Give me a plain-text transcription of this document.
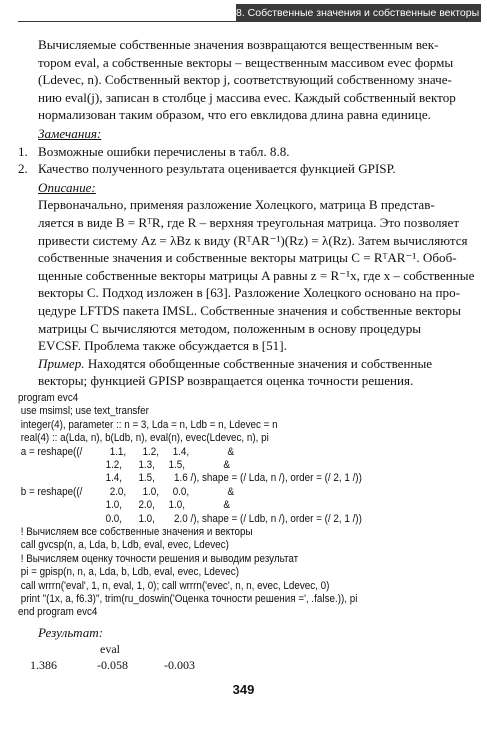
8. Собственные значения и собственные векторы

Вычисляемые собственные значения возвращаются вещественным век-
тором eval, а собственные векторы – вещественным массивом evec формы
(Ldevec, n). Собственный вектор j, соответствующий собственному значе-
нию eval(j), записан в столбце j массива evec. Каждый собственный вектор
нормализован таким образом, что его евклидова длина равна единице.

Замечания:
1. Возможные ошибки перечислены в табл. 8.8.
2. Качество полученного результата оценивается функцией GPISP.
Описание:

Первоначально, применяя разложение Холецкого, матрица B представ-
ляется в виде B = RᵀR, где R – верхняя треугольная матрица. Это позволяет
привести систему Az = λBz к виду (RᵀAR⁻¹)(Rz) = λ(Rz). Затем вычисляются
собственные значения и собственные векторы матрицы C = RᵀAR⁻¹. Обоб-
щенные собственные векторы матрицы A равны z = R⁻¹x, где x – собственные
векторы C. Подход изложен в [63]. Разложение Холецкого основано на про-
цедуре LFTDS пакета IMSL. Собственные значения и собственные векторы
матрицы C вычисляются методом, положенным в основу процедуры
EVCSF. Проблема также обсуждается в [51].

Пример. Находятся обобщенные собственные значения и собственные
векторы; функцией GPISP возвращается оценка точности решения.

program evc4
use msimsl; use text_transfer
integer(4), parameter :: n = 3, Lda = n, Ldb = n, Ldevec = n
real(4) :: a(Lda, n), b(Ldb, n), eval(n), evec(Ldevec, n), pi
a = reshape((/          1.1,      1.2,     1.4,              &
1.2,      1.3,     1.5,              &
1.4,      1.5,       1.6 /), shape = (/ Lda, n /), order = (/ 2, 1 /))
b = reshape((/          2.0,      1.0,     0.0,              &
1.0,      2.0,     1.0,              &
0.0,      1.0,       2.0 /), shape = (/ Ldb, n /), order = (/ 2, 1 /))
! Вычисляем все собственные значения и векторы
call gvcsp(n, a, Lda, b, Ldb, eval, evec, Ldevec)
! Вычисляем оценку точности решения и выводим результат
pi = gpisp(n, n, a, Lda, b, Ldb, eval, evec, Ldevec)
call wrrrn('eval', 1, n, eval, 1, 0); call wrrrn('evec', n, n, evec, Ldevec, 0)
print "(1x, a, f6.3)", trim(ru_doswin('Оценка точности решения =', .false.)), pi
end program evc4
Результат:
eval
1.386	-0.058	-0.003
349
